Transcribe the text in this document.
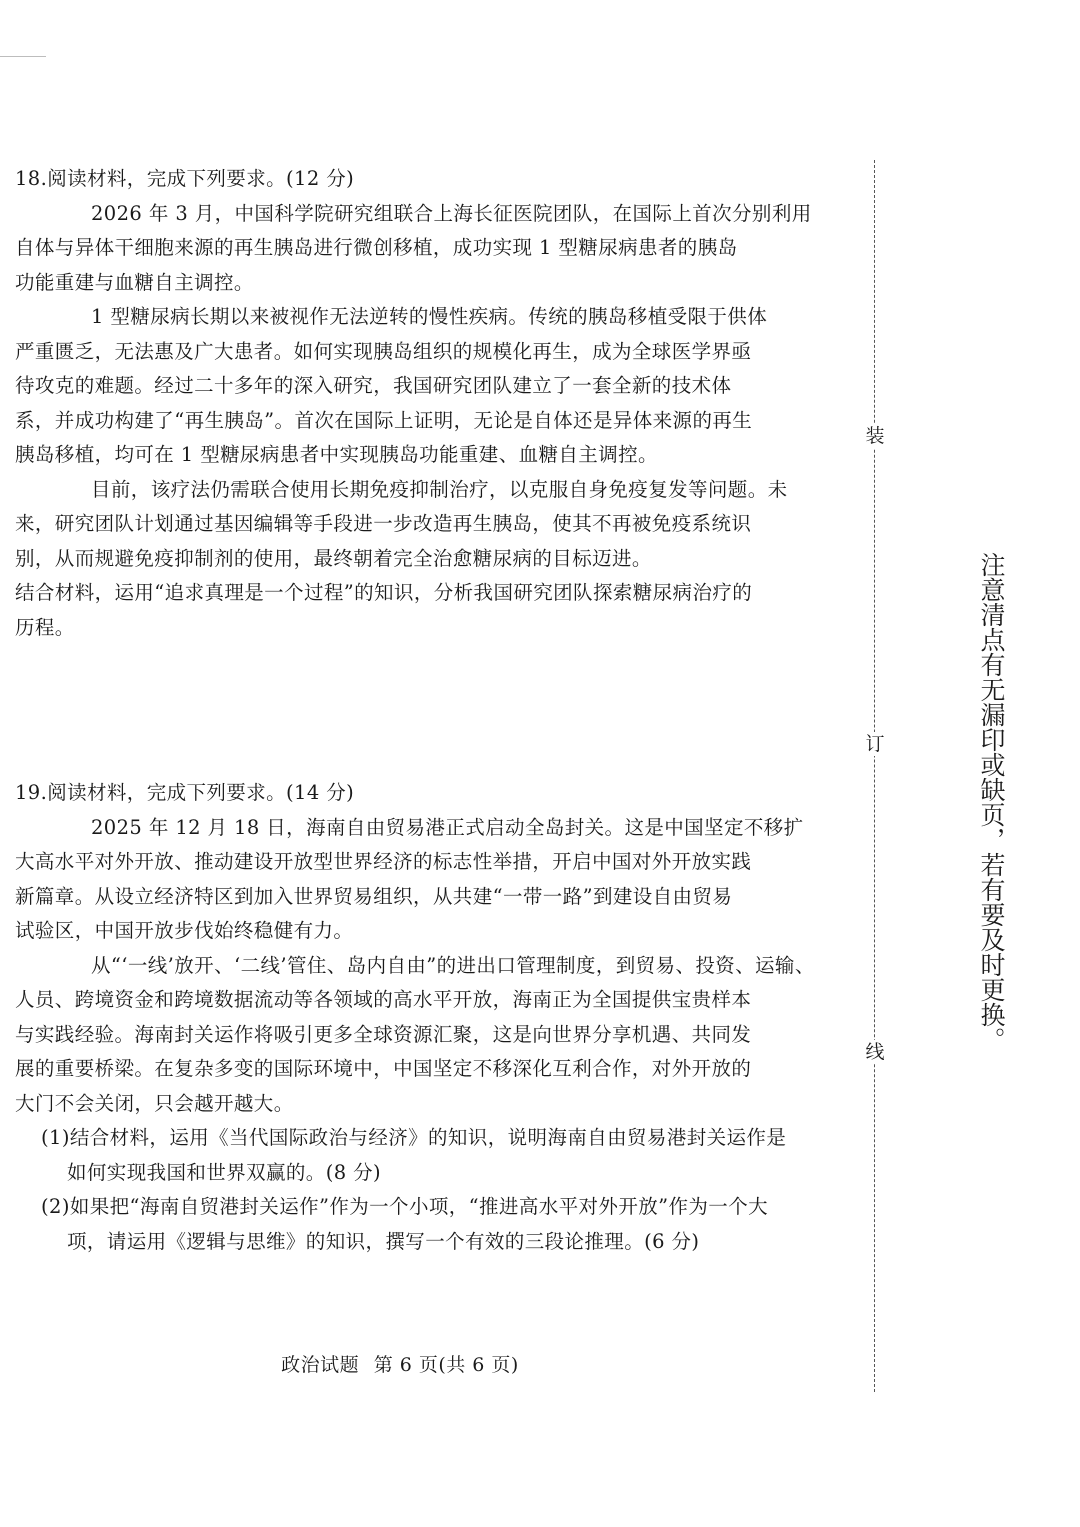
18.阅读材料，完成下列要求。(12 分)
2026 年 3 月，中国科学院研究组联合上海长征医院团队，在国际上首次分别利用
自体与异体干细胞来源的再生胰岛进行微创移植，成功实现 1 型糖尿病患者的胰岛
功能重建与血糖自主调控。
1 型糖尿病长期以来被视作无法逆转的慢性疾病。传统的胰岛移植受限于供体
严重匮乏，无法惠及广大患者。如何实现胰岛组织的规模化再生，成为全球医学界亟
待攻克的难题。经过二十多年的深入研究，我国研究团队建立了一套全新的技术体
系，并成功构建了“再生胰岛”。首次在国际上证明，无论是自体还是异体来源的再生
胰岛移植，均可在 1 型糖尿病患者中实现胰岛功能重建、血糖自主调控。
目前，该疗法仍需联合使用长期免疫抑制治疗，以克服自身免疫复发等问题。未
来，研究团队计划通过基因编辑等手段进一步改造再生胰岛，使其不再被免疫系统识
别，从而规避免疫抑制剂的使用，最终朝着完全治愈糖尿病的目标迈进。
结合材料，运用“追求真理是一个过程”的知识，分析我国研究团队探索糖尿病治疗的
历程。
19.阅读材料，完成下列要求。(14 分)
2025 年 12 月 18 日，海南自由贸易港正式启动全岛封关。这是中国坚定不移扩
大高水平对外开放、推动建设开放型世界经济的标志性举措，开启中国对外开放实践
新篇章。从设立经济特区到加入世界贸易组织，从共建“一带一路”到建设自由贸易
试验区，中国开放步伐始终稳健有力。
从“‘一线’放开、‘二线’管住、岛内自由”的进出口管理制度，到贸易、投资、运输、
人员、跨境资金和跨境数据流动等各领域的高水平开放，海南正为全国提供宝贵样本
与实践经验。海南封关运作将吸引更多全球资源汇聚，这是向世界分享机遇、共同发
展的重要桥梁。在复杂多变的国际环境中，中国坚定不移深化互利合作，对外开放的
大门不会关闭，只会越开越大。
(1)结合材料，运用《当代国际政治与经济》的知识，说明海南自由贸易港封关运作是
如何实现我国和世界双赢的。(8 分)
(2)如果把“海南自贸港封关运作”作为一个小项，“推进高水平对外开放”作为一个大
项，请运用《逻辑与思维》的知识，撰写一个有效的三段论推理。(6 分)
装
订
线	注意清点有无漏印或缺页，若有要及时更换。
政治试题 第 6 页(共 6 页)
